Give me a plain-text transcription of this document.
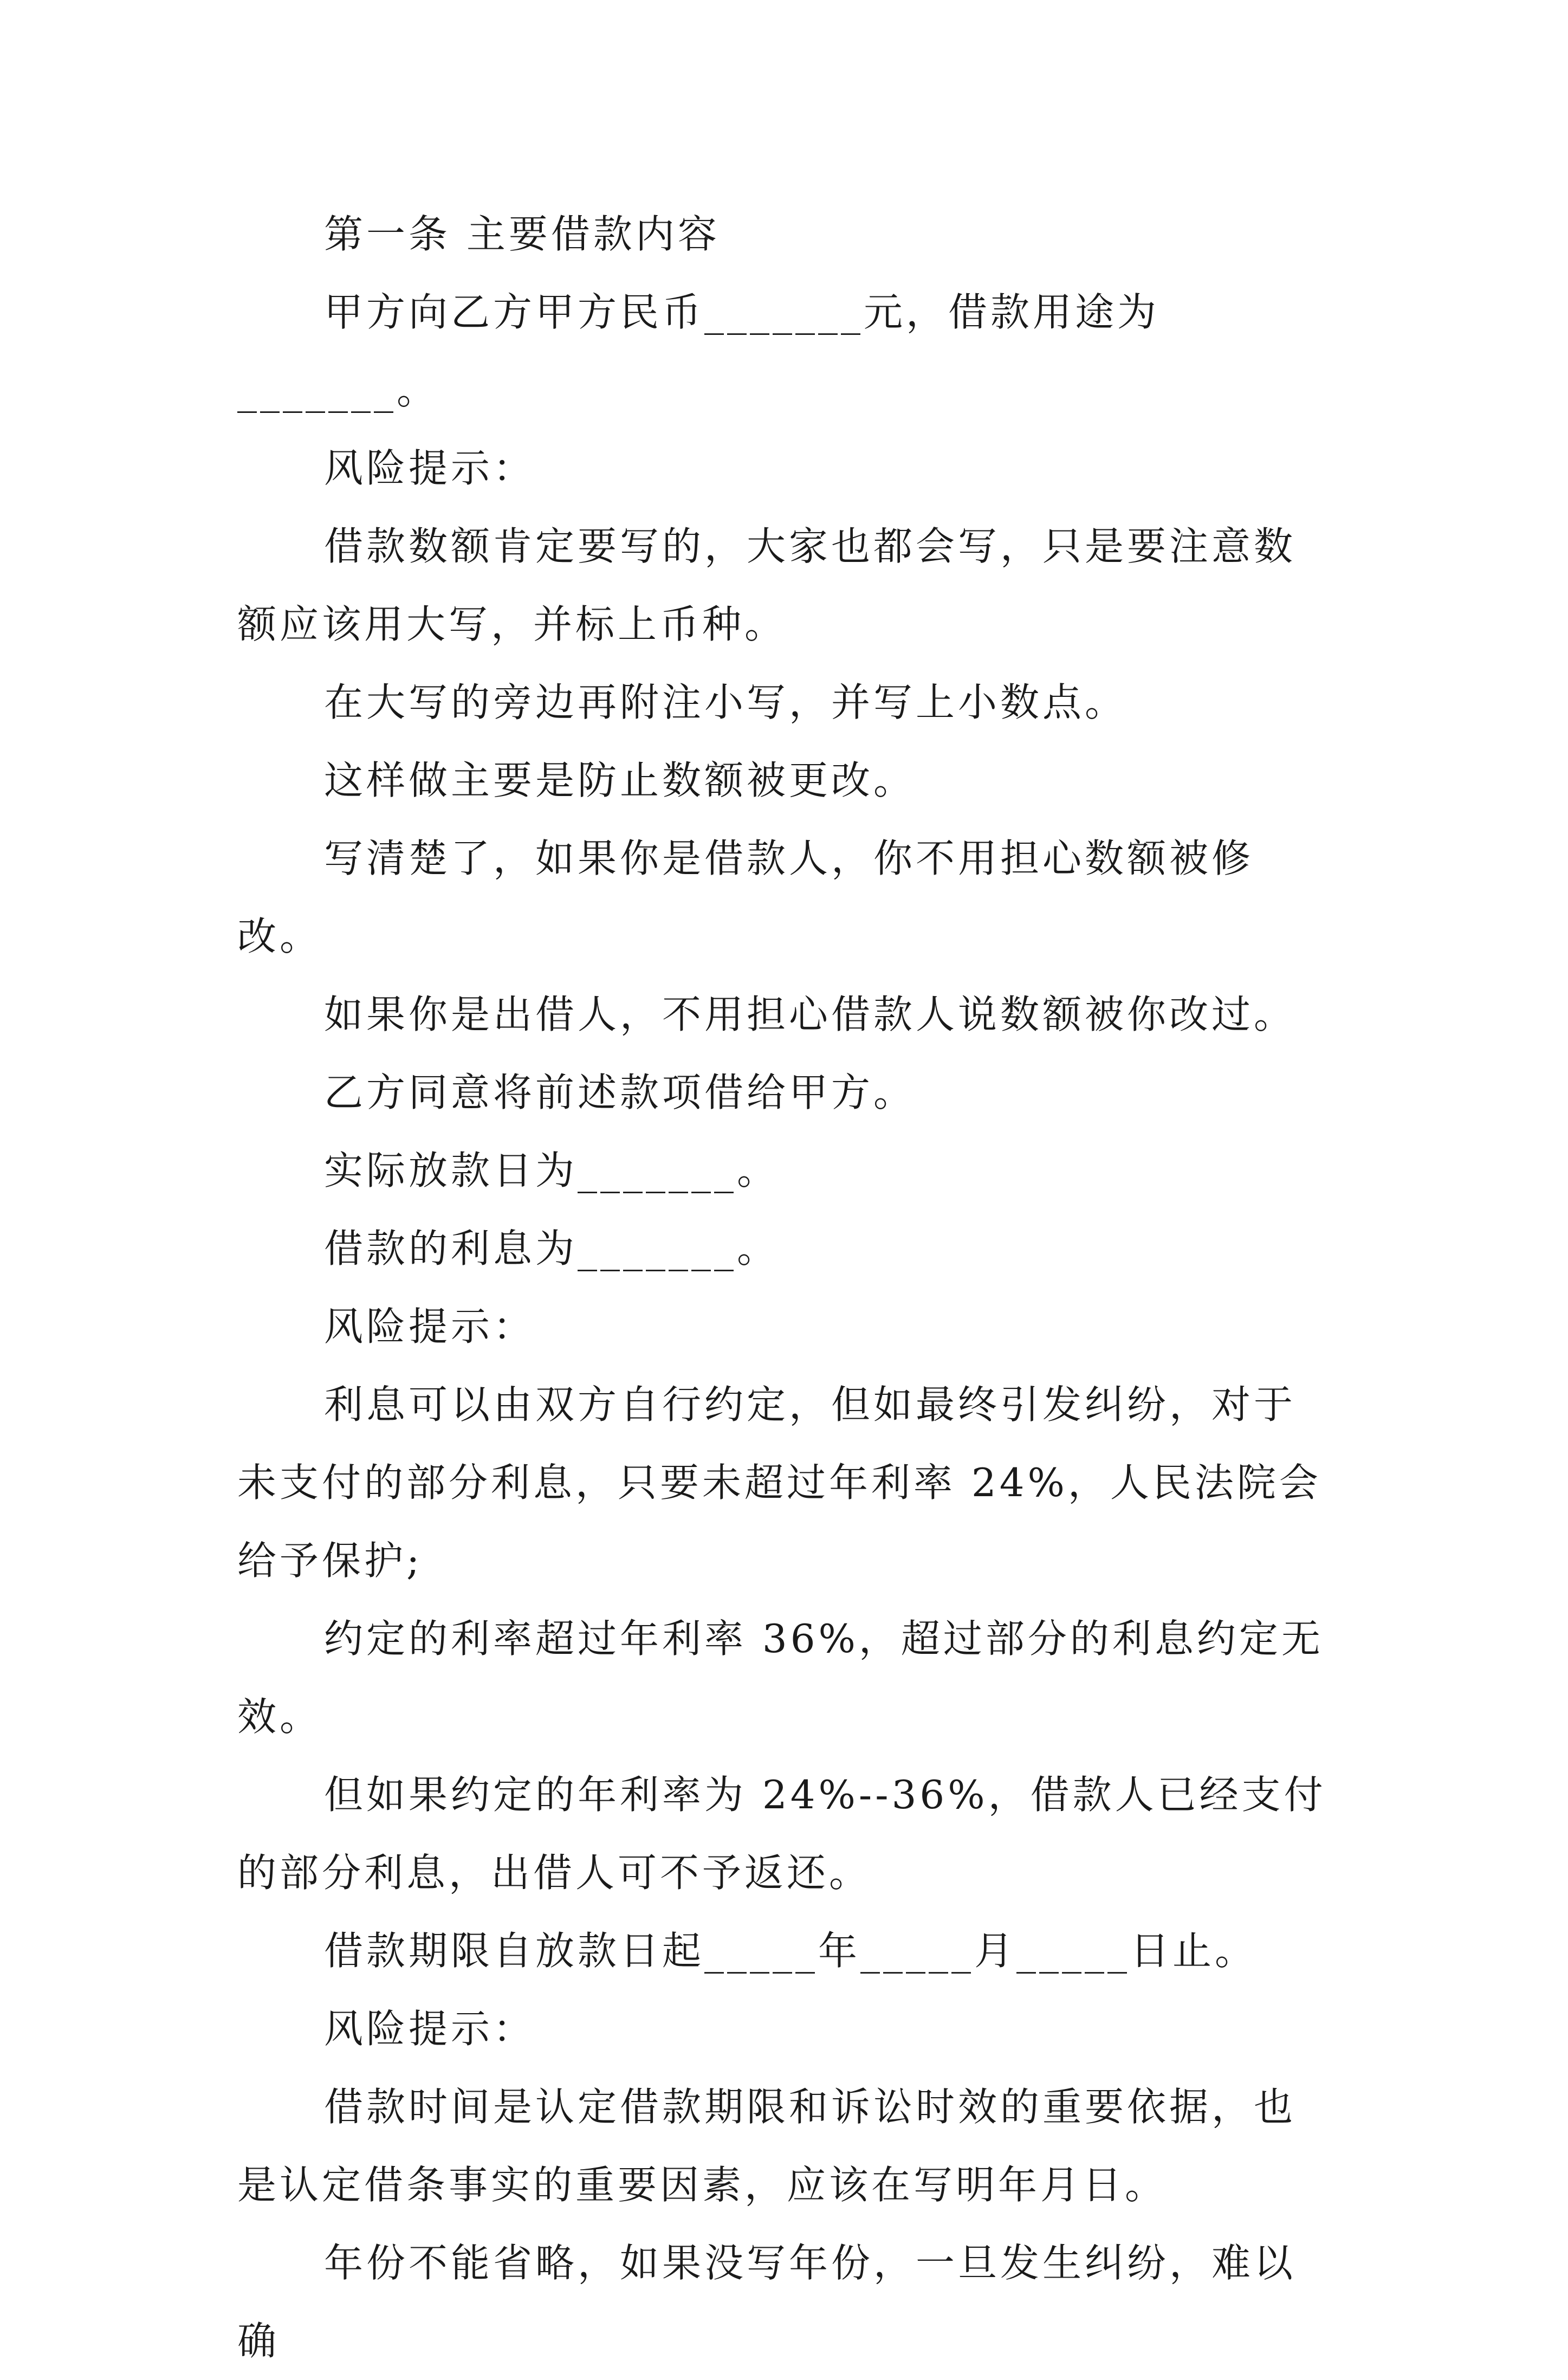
第一条 主要借款内容

甲方向乙方甲方民币_______元，借款用途为_______。

风险提示：

借款数额肯定要写的，大家也都会写，只是要注意数额应该用大写，并标上币种。

在大写的旁边再附注小写，并写上小数点。

这样做主要是防止数额被更改。

写清楚了，如果你是借款人，你不用担心数额被修改。

如果你是出借人，不用担心借款人说数额被你改过。

乙方同意将前述款项借给甲方。

实际放款日为_______。

借款的利息为_______。

风险提示：

利息可以由双方自行约定，但如最终引发纠纷，对于未支付的部分利息，只要未超过年利率 24%，人民法院会给予保护;

约定的利率超过年利率 36%，超过部分的利息约定无效。

但如果约定的年利率为 24%--36%，借款人已经支付的部分利息，出借人可不予返还。

借款期限自放款日起_____年_____月_____日止。

风险提示：

借款时间是认定借款期限和诉讼时效的重要依据，也是认定借条事实的重要因素，应该在写明年月日。

年份不能省略，如果没写年份，一旦发生纠纷，难以确
